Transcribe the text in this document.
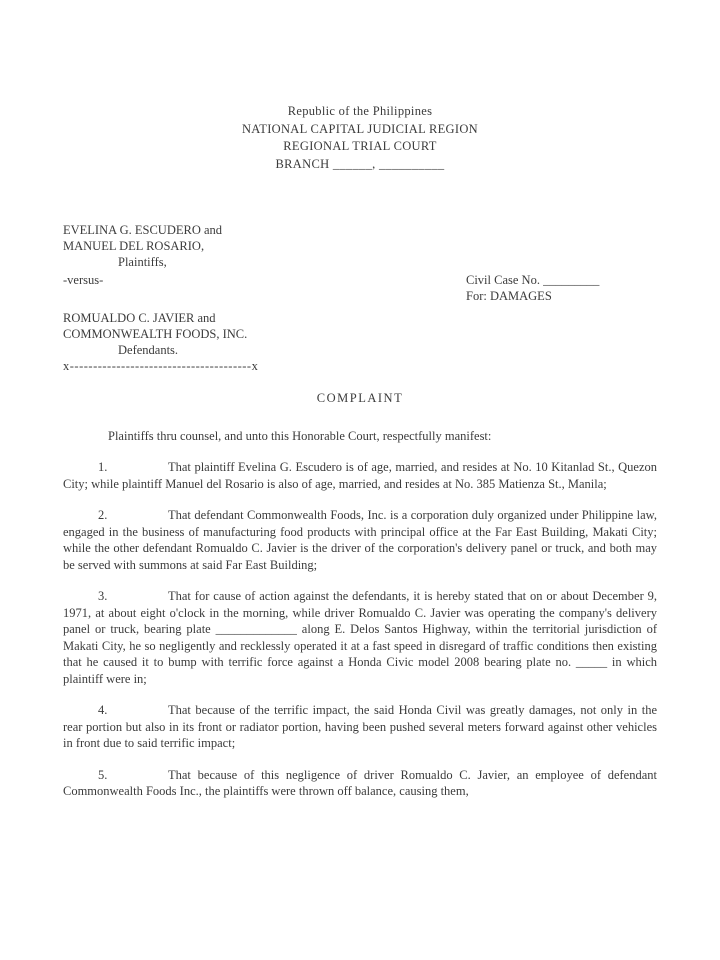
Republic of the Philippines
NATIONAL CAPITAL JUDICIAL REGION
REGIONAL TRIAL COURT
BRANCH ______, __________
EVELINA G. ESCUDERO and
MANUEL DEL ROSARIO,
Plaintiffs,
-versus-
ROMUALDO C. JAVIER and
COMMONWEALTH FOODS, INC.
Defendants.
x---------------------------------------x
Civil Case No. _________
For: DAMAGES
COMPLAINT

Plaintiffs thru counsel, and unto this Honorable Court, respectfully manifest:

1.	That plaintiff Evelina G. Escudero is of age, married, and resides at No. 10 Kitanlad St., Quezon City; while plaintiff Manuel del Rosario is also of age, married, and resides at No. 385 Matienza St., Manila;

2.	That defendant Commonwealth Foods, Inc. is a corporation duly organized under Philippine law, engaged in the business of manufacturing food products with principal office at the Far East Building, Makati City; while the other defendant Romualdo C. Javier is the driver of the corporation's delivery panel or truck, and both may be served with summons at said Far East Building;

3.	That for cause of action against the defendants, it is hereby stated that on or about December 9, 1971, at about eight o'clock in the morning, while driver Romualdo C. Javier was operating the company's delivery panel or truck, bearing plate _____________ along E. Delos Santos Highway, within the territorial jurisdiction of Makati City, he so negligently and recklessly operated it at a fast speed in disregard of traffic conditions then existing that he caused it to bump with terrific force against a Honda Civic model 2008 bearing plate no. _____ in which plaintiff were in;

4.	That because of the terrific impact, the said Honda Civil was greatly damages, not only in the rear portion but also in its front or radiator portion, having been pushed several meters forward against other vehicles in front due to said terrific impact;

5.	That because of this negligence of driver Romualdo C. Javier, an employee of defendant Commonwealth Foods Inc., the plaintiffs were thrown off balance, causing them,
